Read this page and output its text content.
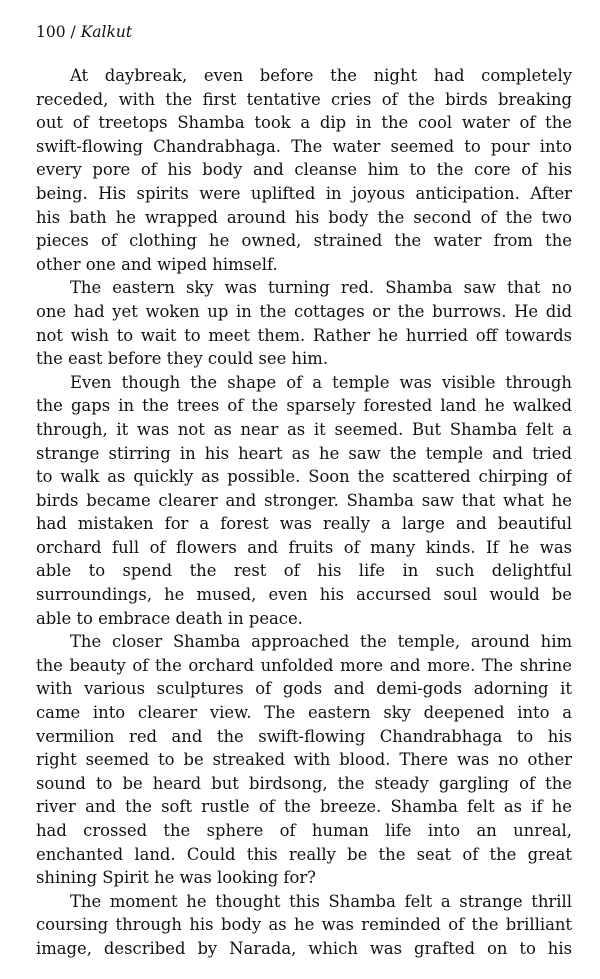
100 / Kalkut
At daybreak, even before the night had completely
receded, with the first tentative cries of the birds breaking
out of treetops Shamba took a dip in the cool water of the
swift-flowing Chandrabhaga. The water seemed to pour into
every pore of his body and cleanse him to the core of his
being. His spirits were uplifted in joyous anticipation. After
his bath he wrapped around his body the second of the two
pieces of clothing he owned, strained the water from the
other one and wiped himself.
The eastern sky was turning red. Shamba saw that no
one had yet woken up in the cottages or the burrows. He did
not wish to wait to meet them. Rather he hurried off towards
the east before they could see him.
Even though the shape of a temple was visible through
the gaps in the trees of the sparsely forested land he walked
through, it was not as near as it seemed. But Shamba felt a
strange stirring in his heart as he saw the temple and tried
to walk as quickly as possible. Soon the scattered chirping of
birds became clearer and stronger. Shamba saw that what he
had mistaken for a forest was really a large and beautiful
orchard full of flowers and fruits of many kinds. If he was
able to spend the rest of his life in such delightful
surroundings, he mused, even his accursed soul would be
able to embrace death in peace.
The closer Shamba approached the temple, around him
the beauty of the orchard unfolded more and more. The shrine
with various sculptures of gods and demi-gods adorning it
came into clearer view. The eastern sky deepened into a
vermilion red and the swift-flowing Chandrabhaga to his
right seemed to be streaked with blood. There was no other
sound to be heard but birdsong, the steady gargling of the
river and the soft rustle of the breeze. Shamba felt as if he
had crossed the sphere of human life into an unreal,
enchanted land. Could this really be the seat of the great
shining Spirit he was looking for?
The moment he thought this Shamba felt a strange thrill
coursing through his body as he was reminded of the brilliant
image, described by Narada, which was grafted on to his
